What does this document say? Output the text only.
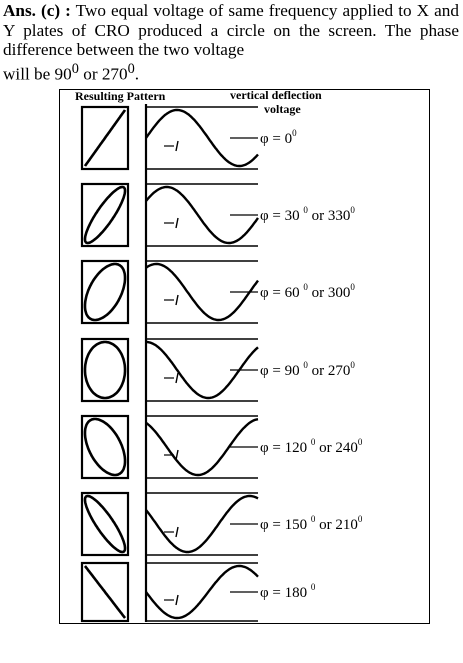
Ans. (c) : Two equal voltage of same frequency applied to X and Y plates of CRO produced a circle on the screen. The phase difference between the two voltage
will be $90^0$ or $270^0$.

Resulting Pattern	vertical deflection
voltage
$\varphi = 0^0$
φ = 30 $^0$ or $330^0$
φ = 60 $^0$ or $300^0$
φ = 90 $^0$ or $270^0$
φ = 120 $^0$ or $240^0$
φ = 150 $^0$ or $210^0$
φ = 180 $^0$
